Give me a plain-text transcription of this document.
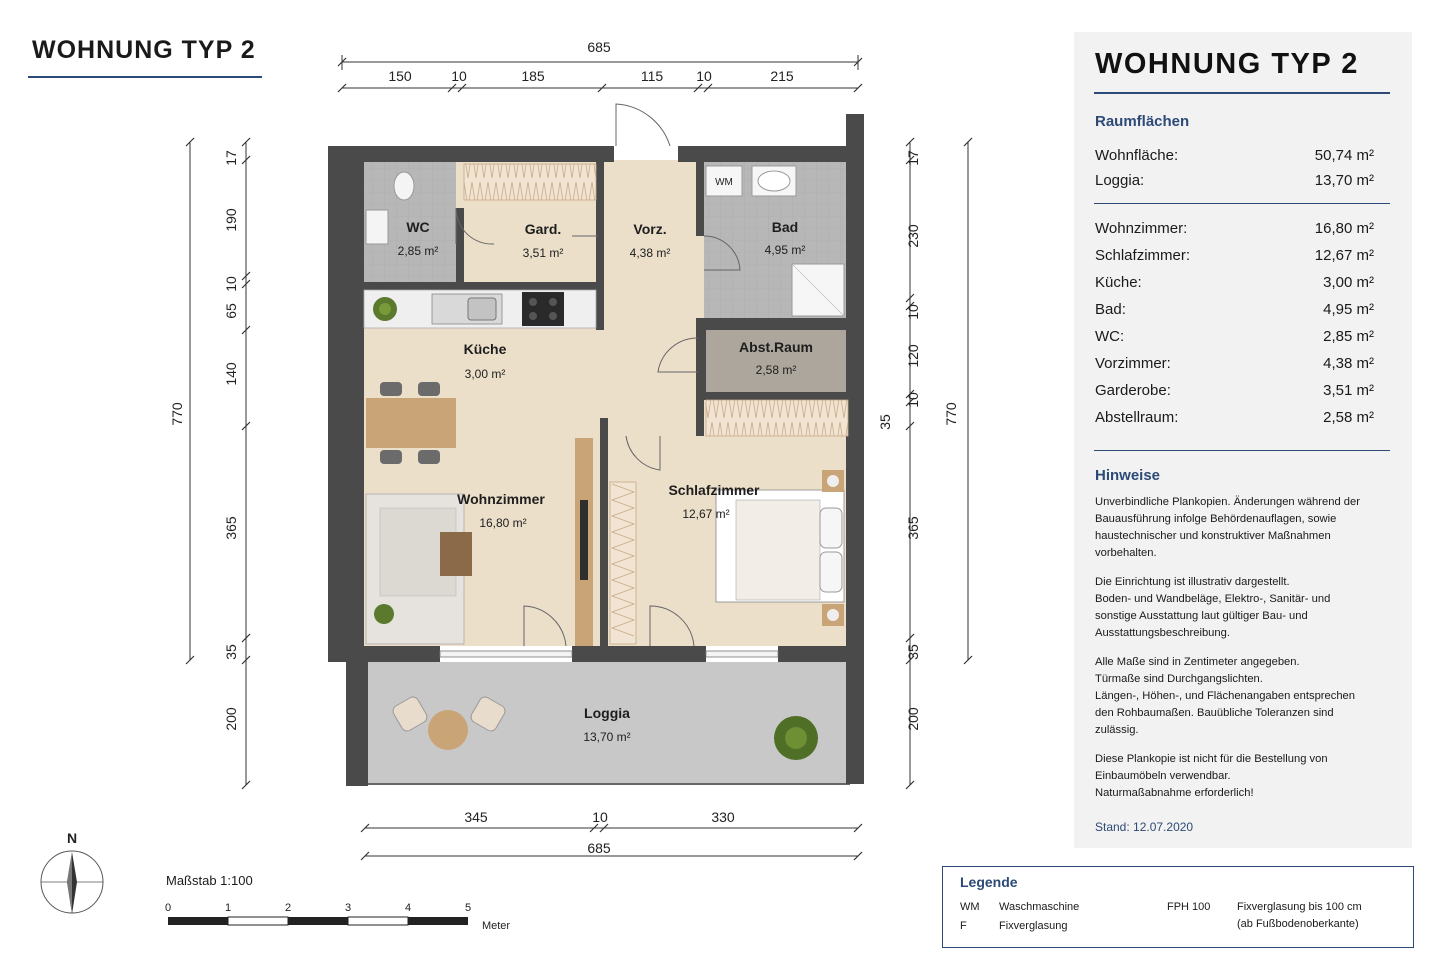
685
150	10	185	115 10	215
345	10	330
685
770
17
190
10
65
140
365
35
200
17
230
10
120
10
35
365
35
200
770
WC
2,85 m²
Gard.
3,51 m²
Vorz.
4,38 m²
Bad
4,95 m²
Küche
3,00 m²
Abst.Raum
2,58 m²
Wohnzimmer
16,80 m²
Schlafzimmer
12,67 m²
Loggia
13,70 m²
WM
N
0	1	2	3	4	5
Meter
WOHNUNG TYP 2
Maßstab 1:100
WOHNUNG TYP 2
Raumflächen
Wohnfläche:	50,74 m²
Loggia:	13,70 m²
Wohnzimmer:	16,80 m²
Schlafzimmer:	12,67 m²
Küche:	3,00 m²
Bad:	4,95 m²
WC:	2,85 m²
Vorzimmer:	4,38 m²
Garderobe:	3,51 m²
Abstellraum:	2,58 m²
Hinweise

Unverbindliche Plankopien. Änderungen während der
Bauausführung infolge Behördenauflagen, sowie
haustechnischer und konstruktiver Maßnahmen
vorbehalten.

Die Einrichtung ist illustrativ dargestellt.
Boden- und Wandbeläge, Elektro-, Sanitär- und
sonstige Ausstattung laut gültiger Bau- und
Ausstattungsbeschreibung.

Alle Maße sind in Zentimeter angegeben.
Türmaße sind Durchgangslichten.
Längen-, Höhen-, und Flächenangaben entsprechen
den Rohbaumaßen. Bauübliche Toleranzen sind
zulässig.

Diese Plankopie ist nicht für die Bestellung von
Einbaumöbeln verwendbar.
Naturmaßabnahme erforderlich!

Stand: 12.07.2020
Legende
WM Waschmaschine
F	Fixverglasung
FPH 100 Fixverglasung bis 100 cm
(ab Fußbodenoberkante)
